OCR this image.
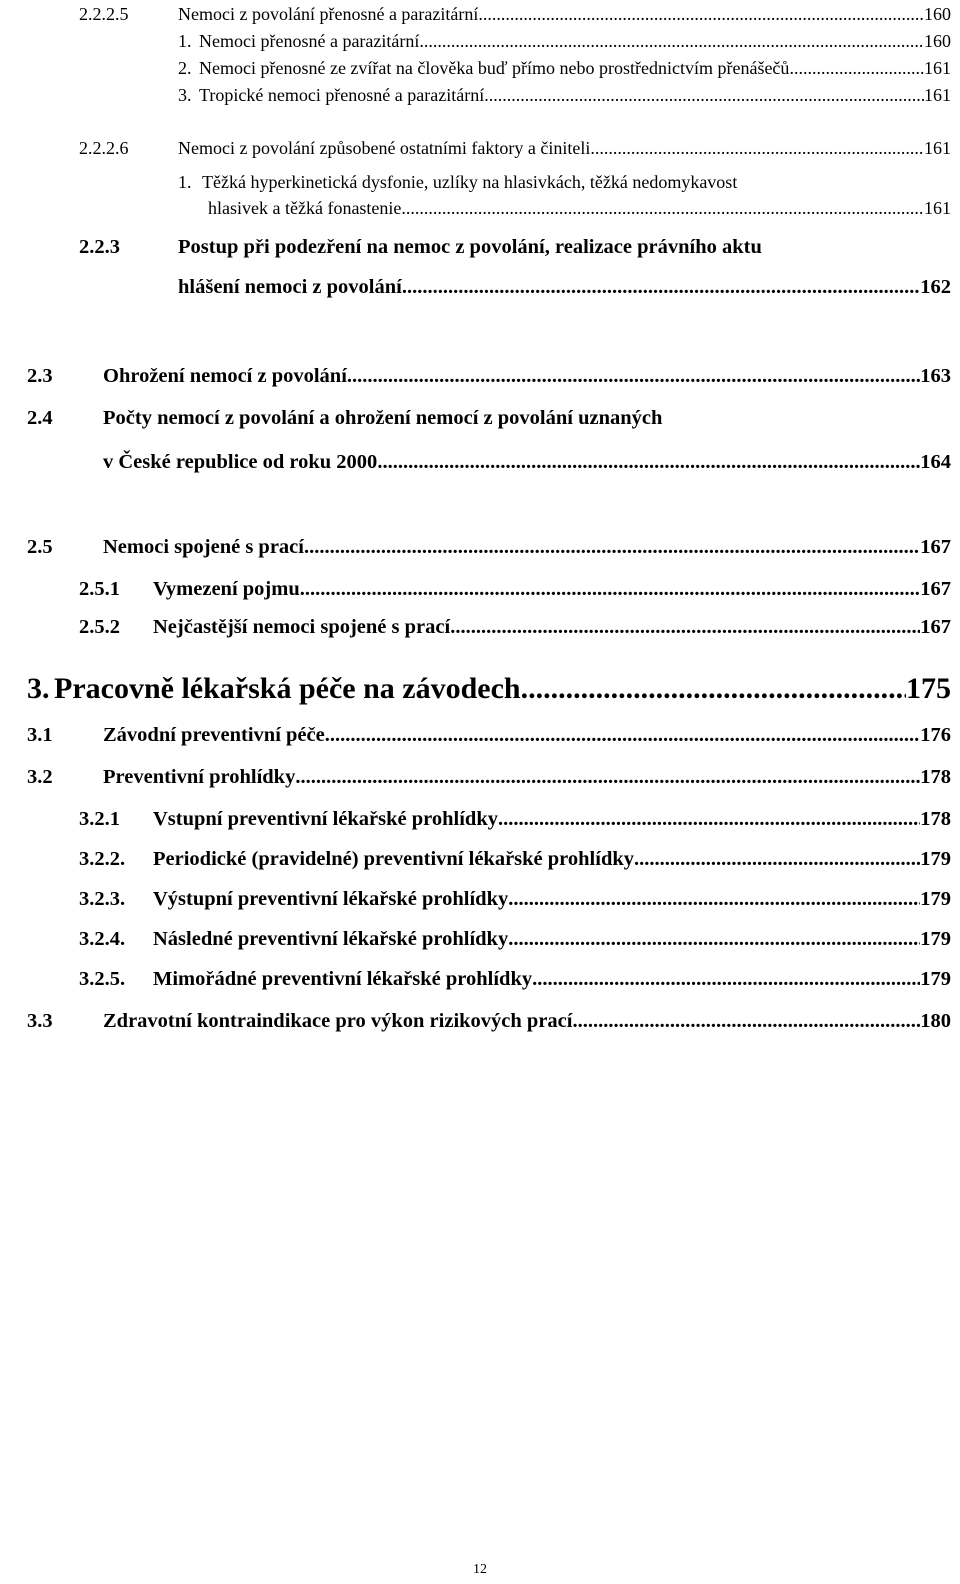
2.2.2.5	Nemoci z povolání přenosné a parazitární .....	160
1. Nemoci přenosné a parazitární .....	160
2. Nemoci přenosné ze zvířat na člověka buď přímo nebo prostřednictvím přenášečů .....	161
3. Tropické nemoci přenosné a parazitární .....	161
2.2.2.6	Nemoci z povolání způsobené ostatními faktory a činiteli .....	161
1. Těžká hyperkinetická dysfonie, uzlíky na hlasivkách, těžká nedomykavost
hlasivek a těžká fonastenie .....	161
2.2.3	Postup při podezření na nemoc z povolání, realizace právního aktu
hlášení nemoci z povolání .....	162
2.3 Ohrožení nemocí z povolání .....	163
2.4 Počty nemocí z povolání a ohrožení nemocí z povolání uznaných
v České republice od roku 2000 .....	164
2.5 Nemoci spojené s prací .....	167
2.5.1 Vymezení pojmu .....	167
2.5.2 Nejčastější nemoci spojené s prací .....	167
3. Pracovně lékařská péče na závodech .....	175
3.1 Závodní preventivní péče .....	176
3.2 Preventivní prohlídky .....	178
3.2.1 Vstupní preventivní lékařské prohlídky .....	178
3.2.2. Periodické (pravidelné) preventivní lékařské prohlídky .....	179
3.2.3. Výstupní preventivní lékařské prohlídky .....	179
3.2.4. Následné preventivní lékařské prohlídky .....	179
3.2.5. Mimořádné preventivní lékařské prohlídky .....	179
3.3 Zdravotní kontraindikace pro výkon rizikových prací .....	180
12
